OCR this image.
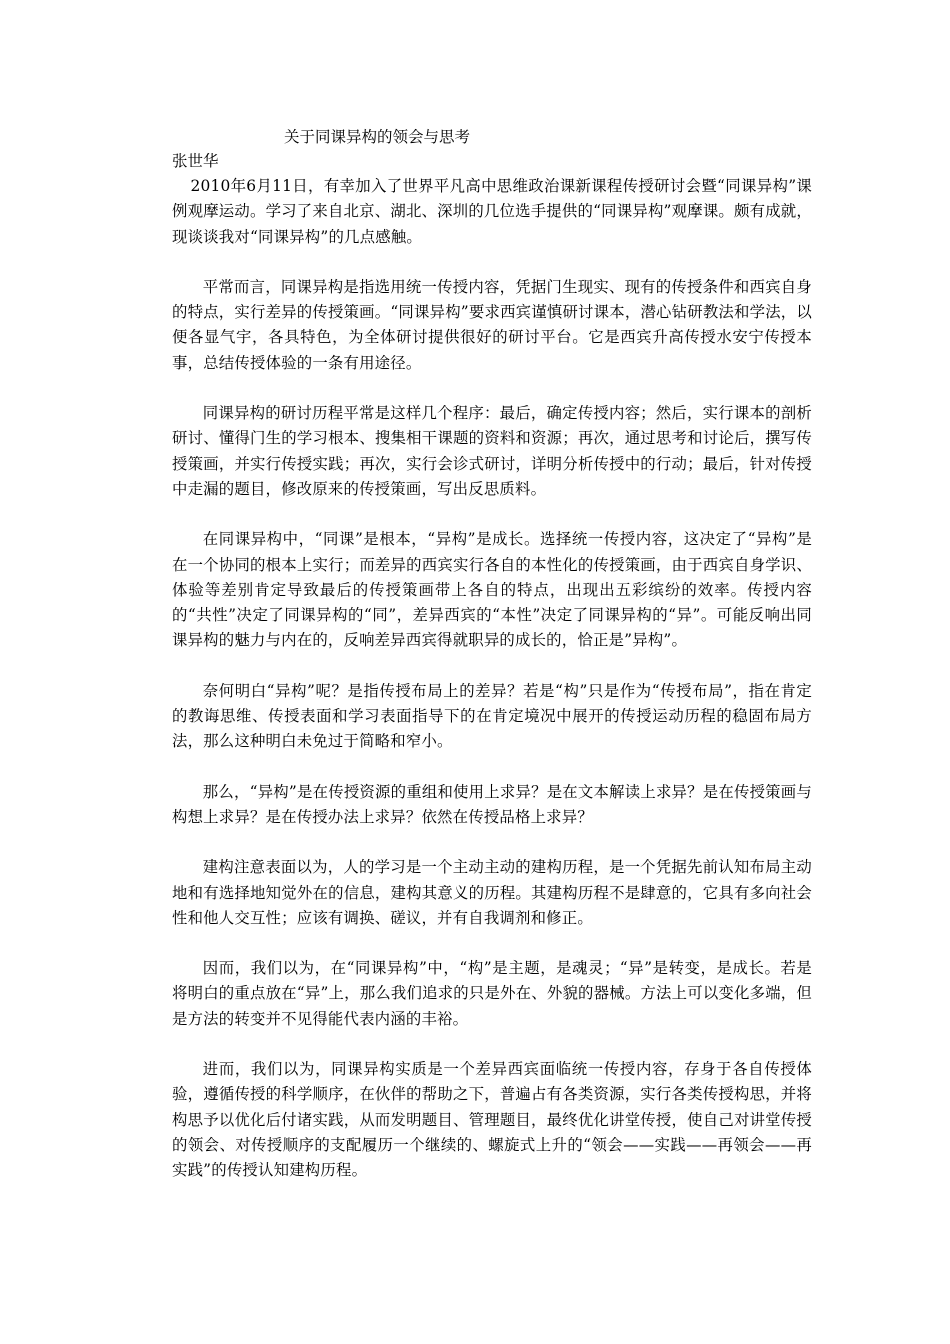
关于同课异构的领会与思考
张世华

2010年6月11日，有幸加入了世界平凡高中思维政治课新课程传授研讨会暨“同课异构”课例观摩运动。学习了来自北京、湖北、深圳的几位选手提供的“同课异构”观摩课。颇有成就，现谈谈我对“同课异构”的几点感触。

平常而言，同课异构是指选用统一传授内容，凭据门生现实、现有的传授条件和西宾自身的特点，实行差异的传授策画。“同课异构”要求西宾谨慎研讨课本，潜心钻研教法和学法，以便各显气宇，各具特色，为全体研讨提供很好的研讨平台。它是西宾升高传授水安宁传授本事，总结传授体验的一条有用途径。

同课异构的研讨历程平常是这样几个程序：最后，确定传授内容；然后，实行课本的剖析研讨、懂得门生的学习根本、搜集相干课题的资料和资源；再次，通过思考和讨论后，撰写传授策画，并实行传授实践；再次，实行会诊式研讨，详明分析传授中的行动；最后，针对传授中走漏的题目，修改原来的传授策画，写出反思质料。

在同课异构中，“同课”是根本，“异构”是成长。选择统一传授内容，这决定了“异构”是在一个协同的根本上实行；而差异的西宾实行各自的本性化的传授策画，由于西宾自身学识、体验等差别肯定导致最后的传授策画带上各自的特点，出现出五彩缤纷的效率。传授内容的“共性”决定了同课异构的“同”，差异西宾的“本性”决定了同课异构的“异”。可能反响出同课异构的魅力与内在的，反响差异西宾得就职异的成长的，恰正是”异构”。

奈何明白“异构”呢？是指传授布局上的差异？若是“构”只是作为“传授布局”，指在肯定的教诲思维、传授表面和学习表面指导下的在肯定境况中展开的传授运动历程的稳固布局方法，那么这种明白未免过于简略和窄小。

那么，“异构”是在传授资源的重组和使用上求异？是在文本解读上求异？是在传授策画与构想上求异？是在传授办法上求异？依然在传授品格上求异？

建构注意表面以为，人的学习是一个主动主动的建构历程，是一个凭据先前认知布局主动地和有选择地知觉外在的信息，建构其意义的历程。其建构历程不是肆意的，它具有多向社会性和他人交互性；应该有调换、磋议，并有自我调剂和修正。

因而，我们以为，在“同课异构”中，“构”是主题，是魂灵；“异”是转变，是成长。若是将明白的重点放在“异”上，那么我们追求的只是外在、外貌的器械。方法上可以变化多端，但是方法的转变并不见得能代表内涵的丰裕。

进而，我们以为，同课异构实质是一个差异西宾面临统一传授内容，存身于各自传授体验，遵循传授的科学顺序，在伙伴的帮助之下，普遍占有各类资源，实行各类传授构思，并将构思予以优化后付诸实践，从而发明题目、管理题目，最终优化讲堂传授，使自己对讲堂传授的领会、对传授顺序的支配履历一个继续的、螺旋式上升的“领会——实践——再领会——再实践”的传授认知建构历程。
